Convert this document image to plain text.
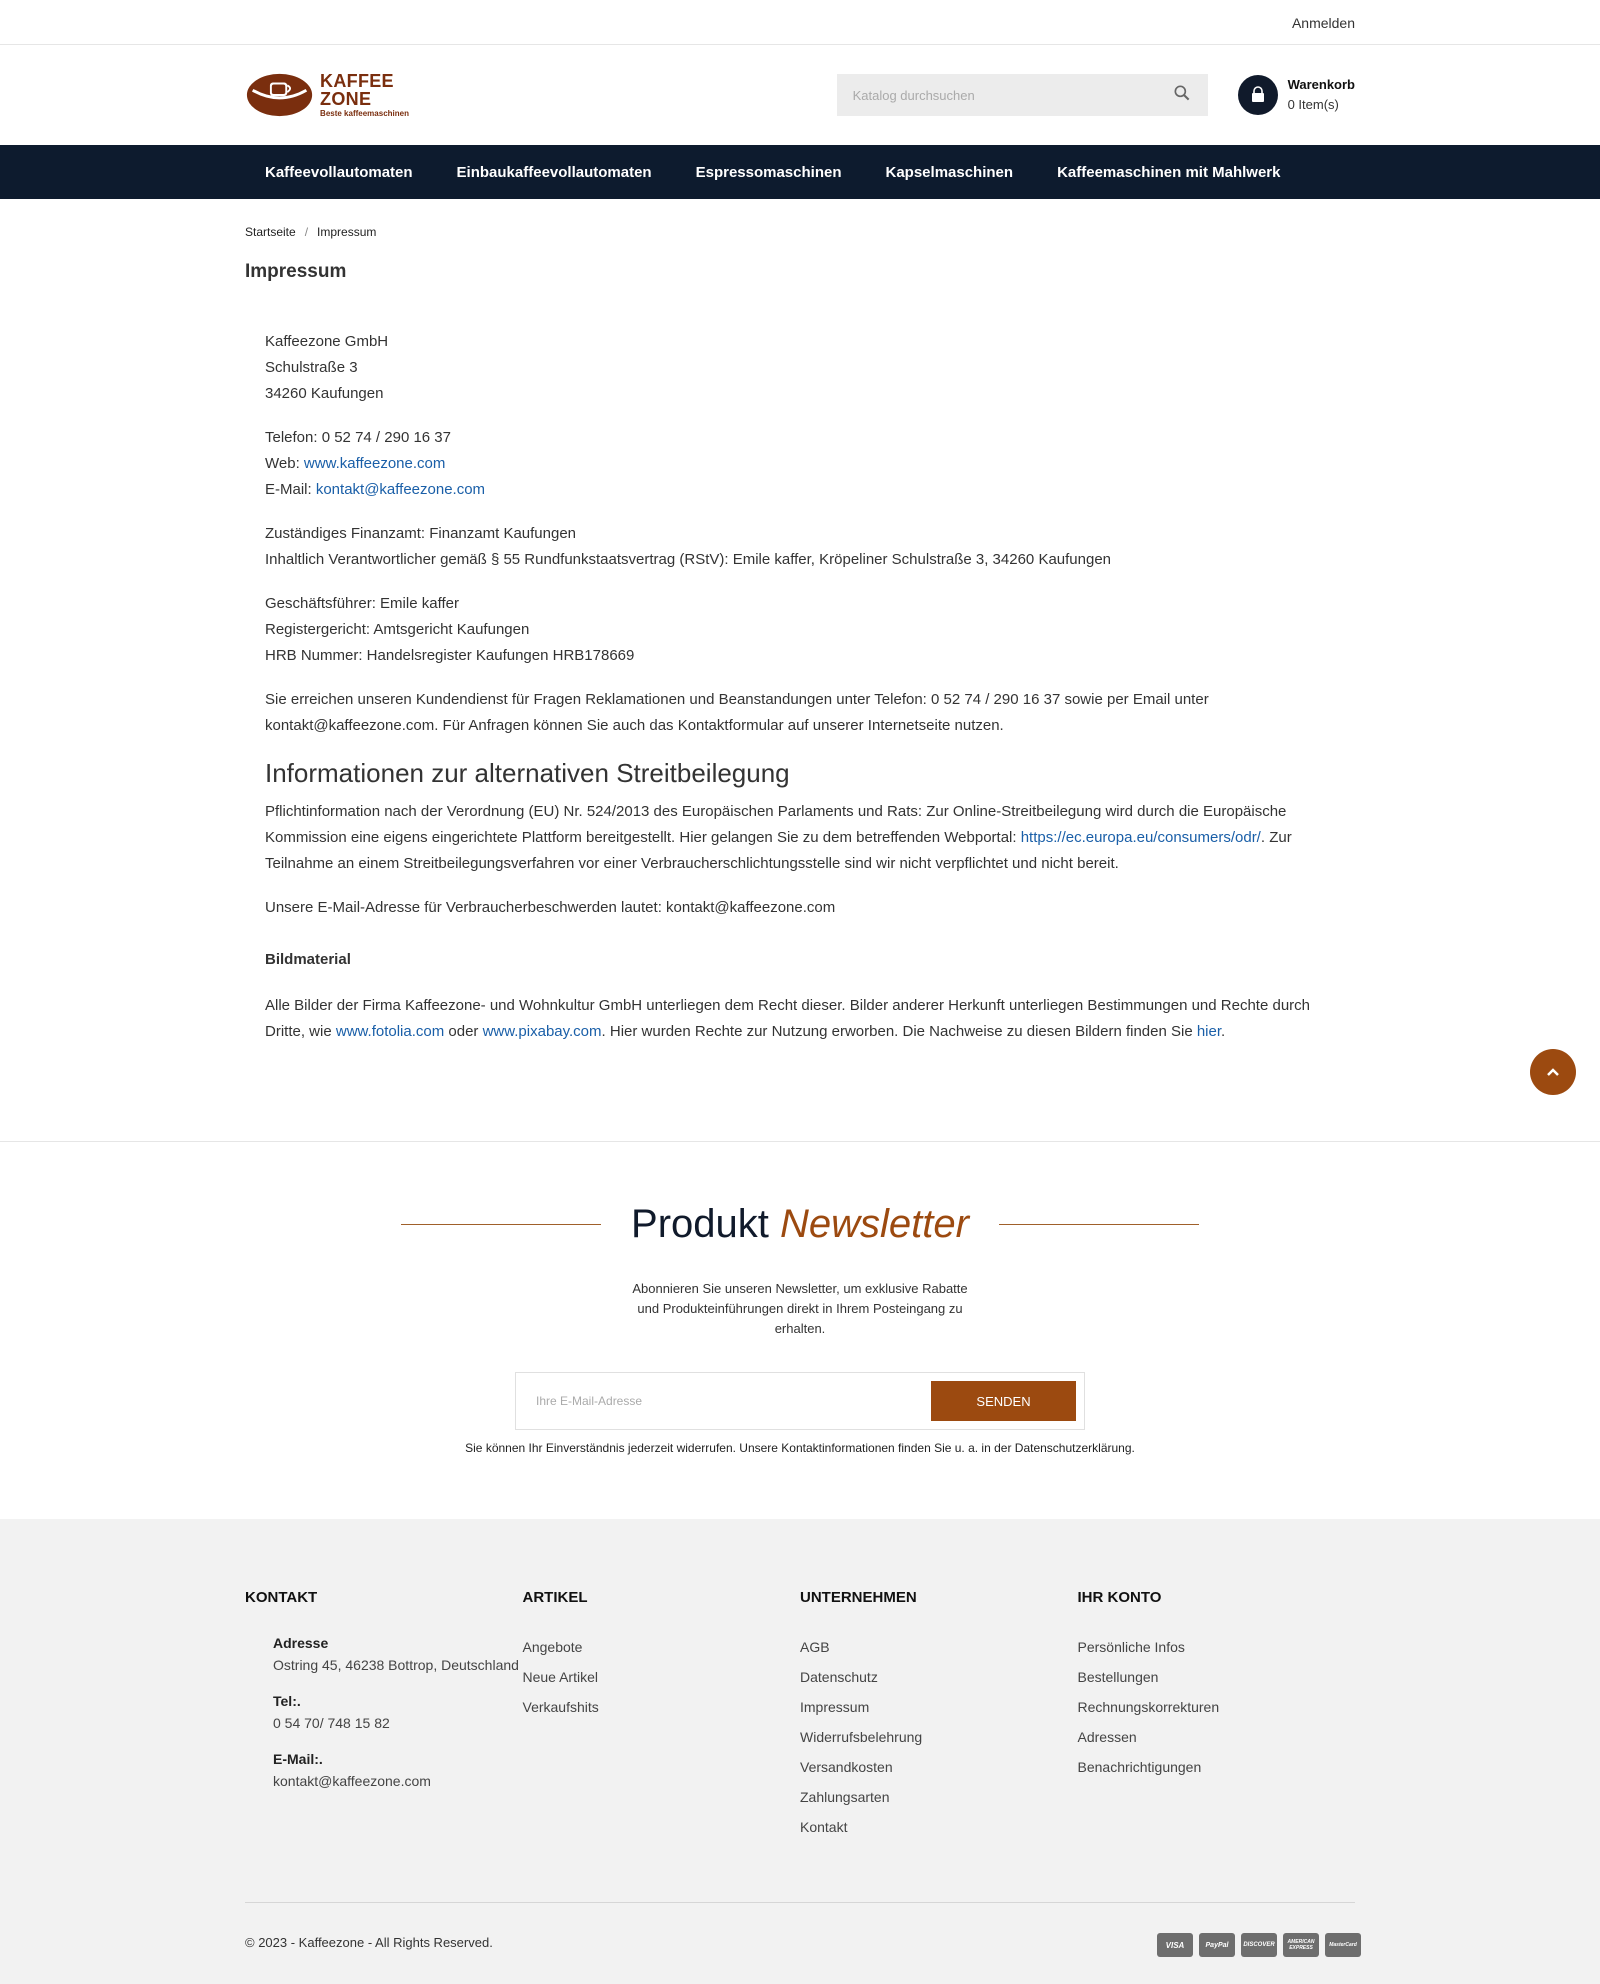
Anmelden
KAFFEE ZONE
Beste kaffeemaschinen
Katalog durchsuchen
Warenkorb
0 Item(s)
Kaffeevollautomaten	Einbaukaffeevollautomaten	Espressomaschinen	Kapselmaschinen	Kaffeemaschinen mit Mahlwerk
Startseite / Impressum
Impressum

Kaffeezone GmbH
Schulstraße 3
34260 Kaufungen

Telefon: 0 52 74 / 290 16 37
Web: www.kaffeezone.com
E-Mail: kontakt@kaffeezone.com

Zuständiges Finanzamt: Finanzamt Kaufungen
Inhaltlich Verantwortlicher gemäß § 55 Rundfunkstaatsvertrag (RStV): Emile kaffer, Kröpeliner Schulstraße 3, 34260 Kaufungen

Geschäftsführer: Emile kaffer
Registergericht: Amtsgericht Kaufungen
HRB Nummer: Handelsregister Kaufungen HRB178669

Sie erreichen unseren Kundendienst für Fragen Reklamationen und Beanstandungen unter Telefon: 0 52 74 / 290 16 37 sowie per Email unter kontakt@kaffeezone.com. Für Anfragen können Sie auch das Kontaktformular auf unserer Internetseite nutzen.

Informationen zur alternativen Streitbeilegung

Pflichtinformation nach der Verordnung (EU) Nr. 524/2013 des Europäischen Parlaments und Rats: Zur Online-Streitbeilegung wird durch die Europäische Kommission eine eigens eingerichtete Plattform bereitgestellt. Hier gelangen Sie zu dem betreffenden Webportal: https://ec.europa.eu/consumers/odr/. Zur Teilnahme an einem Streitbeilegungsverfahren vor einer Verbraucherschlichtungsstelle sind wir nicht verpflichtet und nicht bereit.

Unsere E-Mail-Adresse für Verbraucherbeschwerden lautet: kontakt@kaffeezone.com

Bildmaterial

Alle Bilder der Firma Kaffeezone- und Wohnkultur GmbH unterliegen dem Recht dieser. Bilder anderer Herkunft unterliegen Bestimmungen und Rechte durch Dritte, wie www.fotolia.com oder www.pixabay.com. Hier wurden Rechte zur Nutzung erworben. Die Nachweise zu diesen Bildern finden Sie hier.

Produkt Newsletter
Abonnieren Sie unseren Newsletter, um exklusive Rabatte und Produkteinführungen direkt in Ihrem Posteingang zu erhalten.
Ihre E-Mail-Adresse
SENDEN
Sie können Ihr Einverständnis jederzeit widerrufen. Unsere Kontaktinformationen finden Sie u. a. in der Datenschutzerklärung.
KONTAKT
Adresse
Ostring 45, 46238 Bottrop, Deutschland
Tel:.
0 54 70/ 748 15 82
E-Mail:.
kontakt@kaffeezone.com
ARTIKEL
Angebote
Neue Artikel
Verkaufshits
UNTERNEHMEN
AGB
Datenschutz
Impressum
Widerrufsbelehrung
Versandkosten
Zahlungsarten
Kontakt
IHR KONTO
Persönliche Infos
Bestellungen
Rechnungskorrekturen
Adressen
Benachrichtigungen
© 2023 - Kaffeezone - All Rights Reserved.	VISA	PayPal	DISCOVER	AMERICAN EXPRESS	MasterCard
